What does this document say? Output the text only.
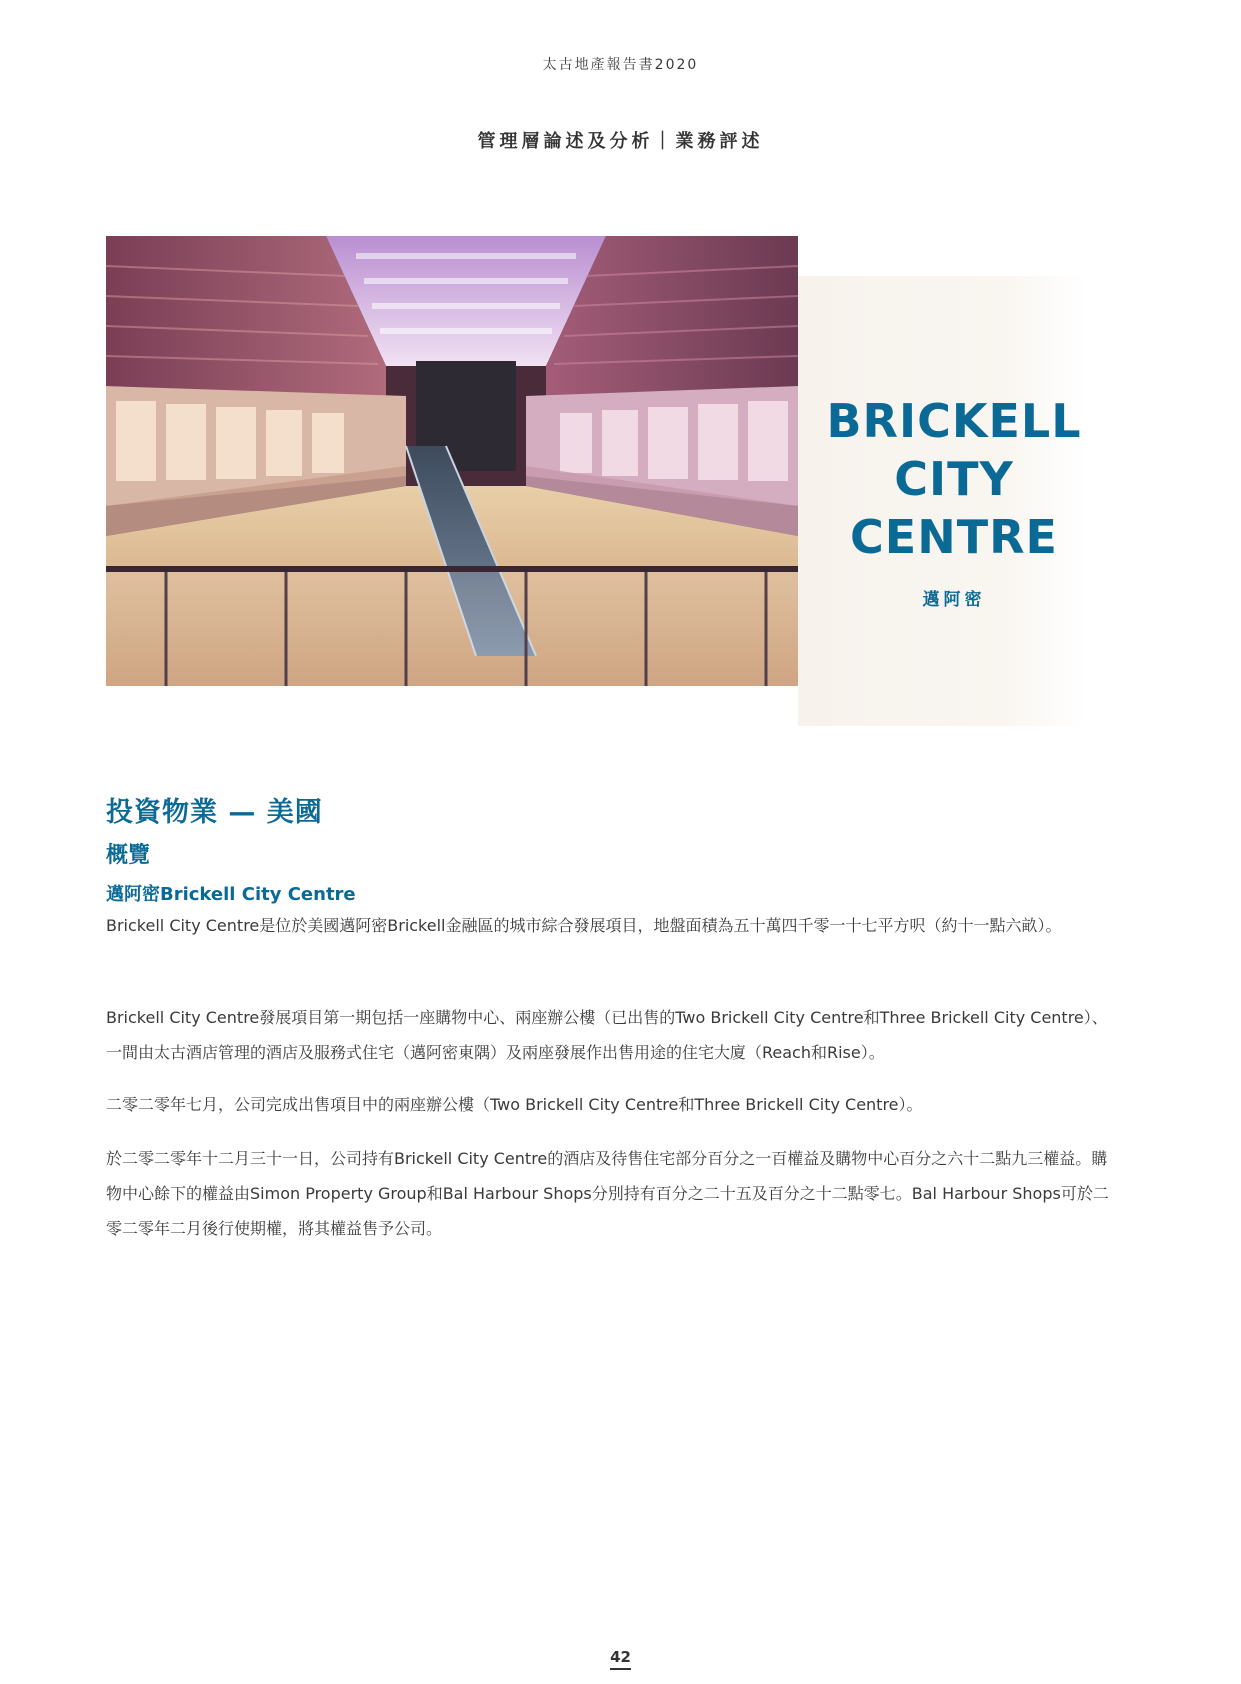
太古地產報告書2020
管理層論述及分析｜業務評述
BRICKELL
CITY
CENTRE
邁阿密
投資物業 — 美國
概覽
邁阿密Brickell City Centre

Brickell City Centre是位於美國邁阿密Brickell金融區的城市綜合發展項目，地盤面積為五十萬四千零一十七平方呎（約十一點六畝）。

Brickell City Centre發展項目第一期包括一座購物中心、兩座辦公樓（已出售的Two Brickell City Centre和Three Brickell City Centre）、一間由太古酒店管理的酒店及服務式住宅（邁阿密東隅）及兩座發展作出售用途的住宅大廈（Reach和Rise）。

二零二零年七月，公司完成出售項目中的兩座辦公樓（Two Brickell City Centre和Three Brickell City Centre）。

於二零二零年十二月三十一日，公司持有Brickell City Centre的酒店及待售住宅部分百分之一百權益及購物中心百分之六十二點九三權益。購物中心餘下的權益由Simon Property Group和Bal Harbour Shops分別持有百分之二十五及百分之十二點零七。Bal Harbour Shops可於二零二零年二月後行使期權，將其權益售予公司。

42
